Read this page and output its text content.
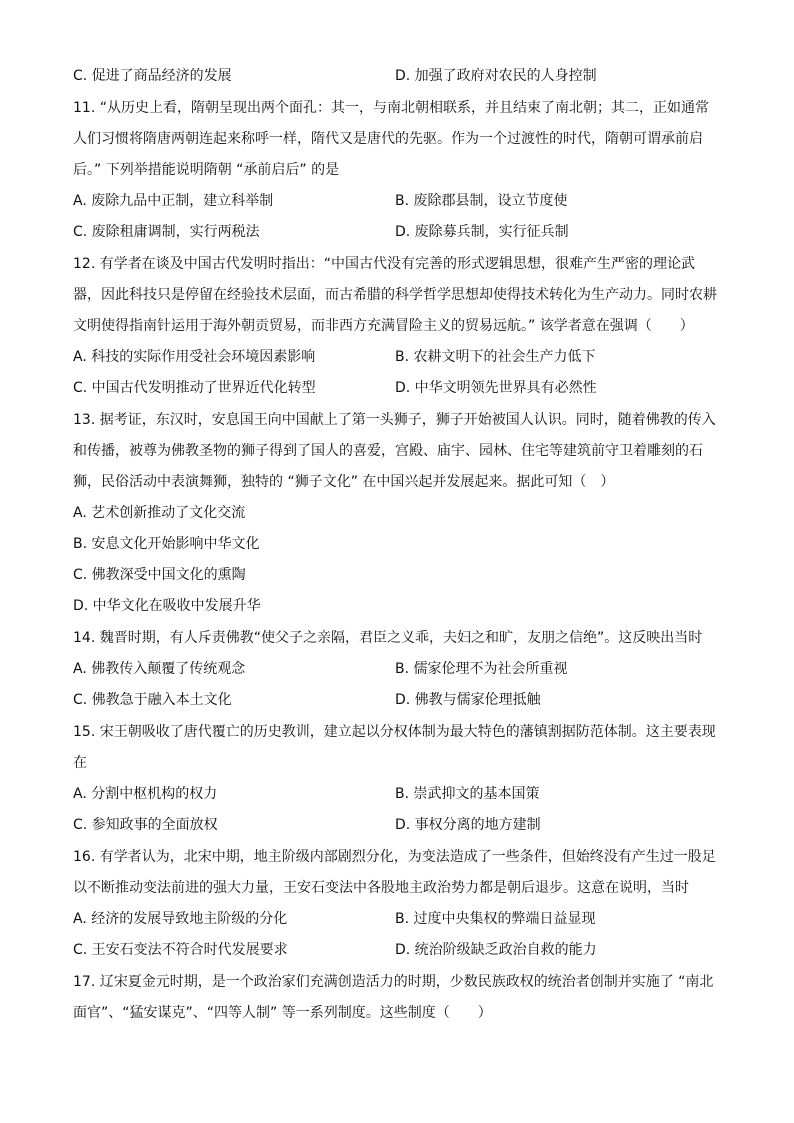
C. 促进了商品经济的发展	D. 加强了政府对农民的人身控制
11. “从历史上看，隋朝呈现出两个面孔：其一，与南北朝相联系，并且结束了南北朝；其二，正如通常
人们习惯将隋唐两朝连起来称呼一样，隋代又是唐代的先驱。作为一个过渡性的时代，隋朝可谓承前启
后。” 下列举措能说明隋朝 “承前启后” 的是
A. 废除九品中正制，建立科举制	B. 废除郡县制，设立节度使
C. 废除租庸调制，实行两税法	D. 废除募兵制，实行征兵制
12. 有学者在谈及中国古代发明时指出：“中国古代没有完善的形式逻辑思想，很难产生严密的理论武
器，因此科技只是停留在经验技术层面，而古希腊的科学哲学思想却使得技术转化为生产动力。同时农耕
文明使得指南针运用于海外朝贡贸易，而非西方充满冒险主义的贸易远航。” 该学者意在强调（　　）
A. 科技的实际作用受社会环境因素影响	B. 农耕文明下的社会生产力低下
C. 中国古代发明推动了世界近代化转型	D. 中华文明领先世界具有必然性
13. 据考证，东汉时，安息国王向中国献上了第一头狮子，狮子开始被国人认识。同时，随着佛教的传入
和传播，被尊为佛教圣物的狮子得到了国人的喜爱，宫殿、庙宇、园林、住宅等建筑前守卫着雕刻的石
狮，民俗活动中表演舞狮，独特的 “狮子文化” 在中国兴起并发展起来。据此可知（　）
A. 艺术创新推动了文化交流
B. 安息文化开始影响中华文化
C. 佛教深受中国文化的熏陶
D. 中华文化在吸收中发展升华
14. 魏晋时期，有人斥责佛教“使父子之亲隔，君臣之义乖，夫妇之和旷，友朋之信绝”。这反映出当时
A. 佛教传入颠覆了传统观念	B. 儒家伦理不为社会所重视
C. 佛教急于融入本土文化	D. 佛教与儒家伦理抵触
15. 宋王朝吸收了唐代覆亡的历史教训，建立起以分权体制为最大特色的藩镇割据防范体制。这主要表现
在
A. 分割中枢机构的权力	B. 崇武抑文的基本国策
C. 参知政事的全面放权	D. 事权分离的地方建制
16. 有学者认为，北宋中期，地主阶级内部剧烈分化，为变法造成了一些条件，但始终没有产生过一股足
以不断推动变法前进的强大力量，王安石变法中各股地主政治势力都是朝后退步。这意在说明，当时
A. 经济的发展导致地主阶级的分化	B. 过度中央集权的弊端日益显现
C. 王安石变法不符合时代发展要求	D. 统治阶级缺乏政治自救的能力
17. 辽宋夏金元时期，是一个政治家们充满创造活力的时期，少数民族政权的统治者创制并实施了 “南北
面官”、“猛安谋克”、“四等人制” 等一系列制度。这些制度（　　）
